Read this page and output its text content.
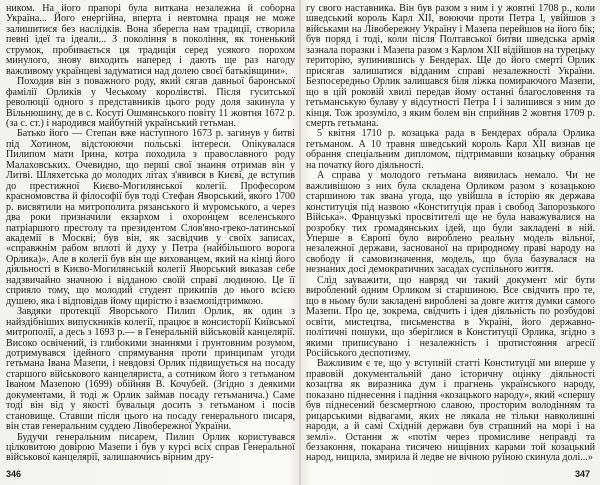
ником. На його прапорі була виткана незалежна й соборна Україна... Його енергійна, вперта і невтомна праця не може залишитися без наслідків. Вона зберегла нам традиції, створила певні ідеї та ідеали... З покоління в покоління, як тоненький струмок, пробивається ця традиція серед усякого порохом минулого, знову виходить наперед і дають ще раз нагоду важливому українцеві задуматися над долею своєї батьківщини».

Походив він з поважного роду, який сягав давньої баронської фамілії Орликів у Чеському королівстві. Після гуситської революції одного з представників цього роду доля закинула у Вільнюшину, де в с. Косуті Ошмянського повіту 11 жовтня 1672 р. (за с. ст.) і народився майбутній український гетьман.

Батько його — Степан вже наступного 1673 р. загинув у битві під Хотином, відстоюючи польські інтереси. Опікувалася Пилипом мати Ірина, котра походила з православного роду Малаховських. Очевидно, що перші свої знання отримав він у Литві. Шляхетська до молодих літах з'явився в Києві, де вступив до престижної Києво-Могилянської колегії. Професором красномовства й філософії був тоді Стефан Яворський, якого 1700 р. висвятили на митрополита рязанського й муромського, а через два роки призначили екзархом і охоронцем вселенського патріаршого престолу та президентом Слов'яно-греко-латинської академії в Москві; був він, як засвідчив у своїх записах, «справжнім рабом вплоті й духу у Петра (найбільшого ворога Орлика)». Але в колегії був він ще вихованцем, який на кінці його діяльності в Києво-Могилянській колегії Яворський виказав себе надзвичайно значною і відданою своїй справі людиною. Це її сприяло тому, що молодий студент прикипів до нього всією душею, яка і відповідав йому щирістю і взаємопідтримкою.

Завдяки протекції Яворського Пилип Орлик, як один з найздібніших випускників колегії, працює в консисторії Київської митрополії, а десь з 1693 р.— в Генеральній військовій канцелярії. Високо освічений, із глибокими знаннями і ґрунтовним розумом, дотримувався ідейного спрямування проти принципам угоди гетьмана Івана Мазепи, і невдовзі Орлик підвищується на посаду старшого військового канцеляриста, а сотником його з гетьманом Іваном Мазепою (1699) обійняв В. Кочубей. (Згідно з деякими документами, й тоді ж Орлик займав посаду гетьманича.) Саме тоді він від у якості бувальця досить з гетьманом і посів становище. Ставши після цього на посаду генерального писаря, він став генеральним суддею Лівобережної України.

Будучи генеральним писарем, Пилип Орлик користувався цілковитою довірою Мазепи і був у курсі всіх справ Генеральної військової канцелярії, залишаючись вірним дру-

гу свого наставника. Він був разом з ним і у жовтні 1708 р., коли шведський король Карл XII, воюючи проти Петра I, увійшов з військами на Лівобережну Україну і Мазепа перейшов на його бік; був поряд і тоді, коли після Полтавської битви шведська армія зазнала поразки і Мазепа разом з Карлом XII відійшов на турецьку територію, зупинившись у Бендерах. Ще до його смерті Орлик присягав залишатися відданим справі незалежності України. Безпосередньо Орлик залишався біля ліжка помираючого Мазепи, що в цій роковій хвилі передав йому останні благословення та гетьманськую булаву у відсутності Петра I і залишився з ним до кінця. Тож зрозуміло, з яким болем він сприйняв 2 жовтня 1709 р. смерть гетьмана.

5 квітня 1710 р. козацька рада в Бендерах обрала Орлика гетьманом. А 10 травня шведський король Карл XII визнав це обрання спеціальним дипломом, підтримавши козацьку обрання на початку його діяльності.

А справа у молодого гетьмана виявилась немало. Чи не важливішою з них була складена Орликом разом з козацькою старшиною так звана угода, що увійшла в історію як держава конституція під назвою «Конституція прав і свобод Запорозького Війська». Французькі просвітителі ще не була наважувалися на розробку тих громадянських ідей, що були закладені в ній. Уперше в Європі було вироблено реальну модель вільної, незалежної держави, заснованої на природному праві народу на свободу й самовизначення, модель, що була базувалася на незнаних досі демократичних засадах суспільного життя.

Слід зауважити, що навряд чи такий документ міг бути вироблений одним Орликом зі старшиною. Все свідчить про те, що в ньому були закладені вироблені за довге життя думки самого Мазепи. Про це, зокрема, свідчить і ідея діяльність по розбудові освіти, мистецтва, письменства в Україні, його державно-політичні пошуки, що зберіглися в Конституції Орлика, згідно з якими приписувано і незалежність і протистояння агресії Російського деспотизму.

Важливим є те, що у вступній статті Конституції ми вперше у правовій документальній дано історичну оцінку діяльності козацтва як виразника дум і прагнень українського народу, показано піднесення і падіння «козацького народу», який «спершу був піднесений безсмертною славою, просторим володінням та рицарськими відвагами, яких не лякала не тільки навколишні народи, а й самі Східній держави був страшний на морі і на землі». Остання ж «потім через промисливе неправді та беззаконня, покарана тисячею нищівних карами той козацький народ, нищила, змирила й ледве не вічною руїною скинула долі...»

346	347
